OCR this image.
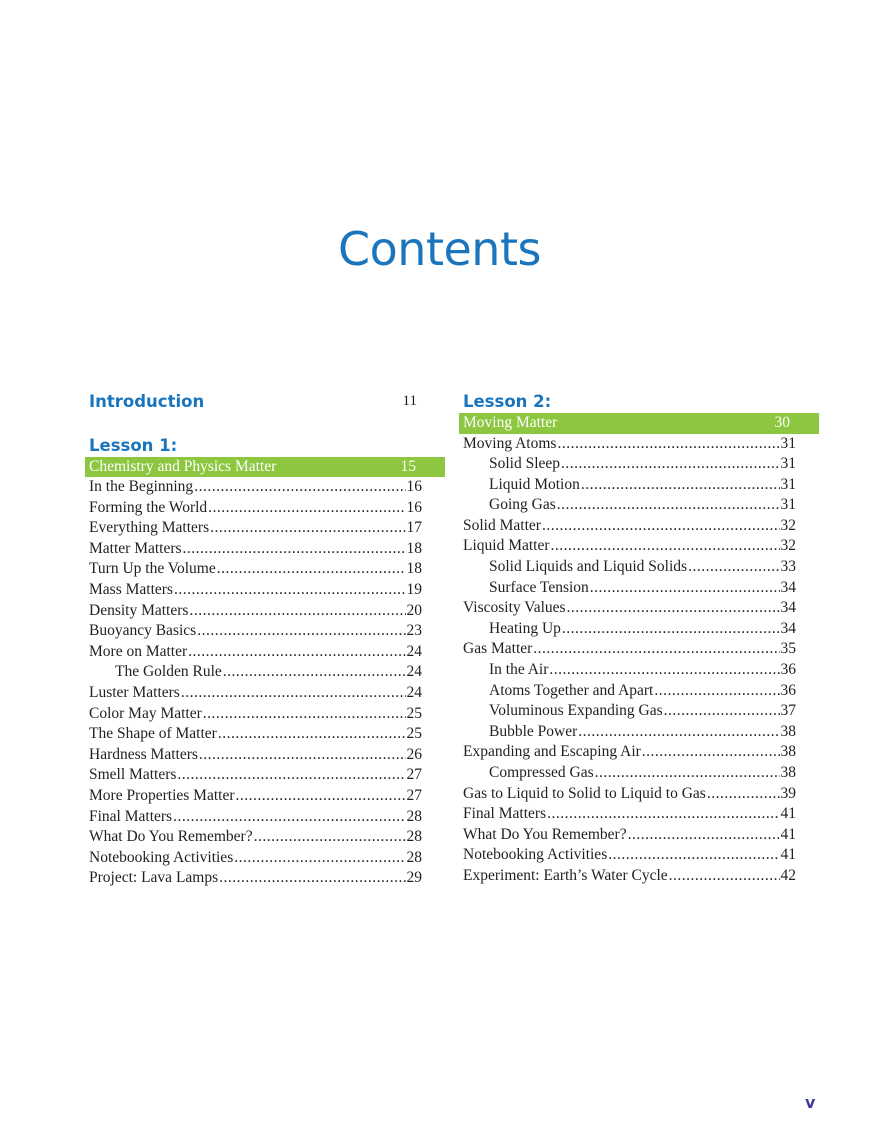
Contents
Introduction	11
Lesson 1:
Chemistry and Physics Matter	15
In the Beginning .....	16
Forming the World .....	16
Everything Matters .....	17
Matter Matters .....	18
Turn Up the Volume .....	18
Mass Matters .....	19
Density Matters .....	20
Buoyancy Basics .....	23
More on Matter .....	24
The Golden Rule .....	24
Luster Matters .....	24
Color May Matter .....	25
The Shape of Matter .....	25
Hardness Matters .....	26
Smell Matters .....	27
More Properties Matter .....	27
Final Matters .....	28
What Do You Remember? .....	28
Notebooking Activities .....	28
Project: Lava Lamps .....	29
Lesson 2:
Moving Matter	30
Moving Atoms .....	31
Solid Sleep .....	31
Liquid Motion .....	31
Going Gas .....	31
Solid Matter .....	32
Liquid Matter .....	32
Solid Liquids and Liquid Solids .....	33
Surface Tension .....	34
Viscosity Values .....	34
Heating Up .....	34
Gas Matter .....	35
In the Air .....	36
Atoms Together and Apart .....	36
Voluminous Expanding Gas .....	37
Bubble Power .....	38
Expanding and Escaping Air .....	38
Compressed Gas .....	38
Gas to Liquid to Solid to Liquid to Gas .....	39
Final Matters .....	41
What Do You Remember? .....	41
Notebooking Activities .....	41
Experiment: Earth’s Water Cycle .....	42
v
